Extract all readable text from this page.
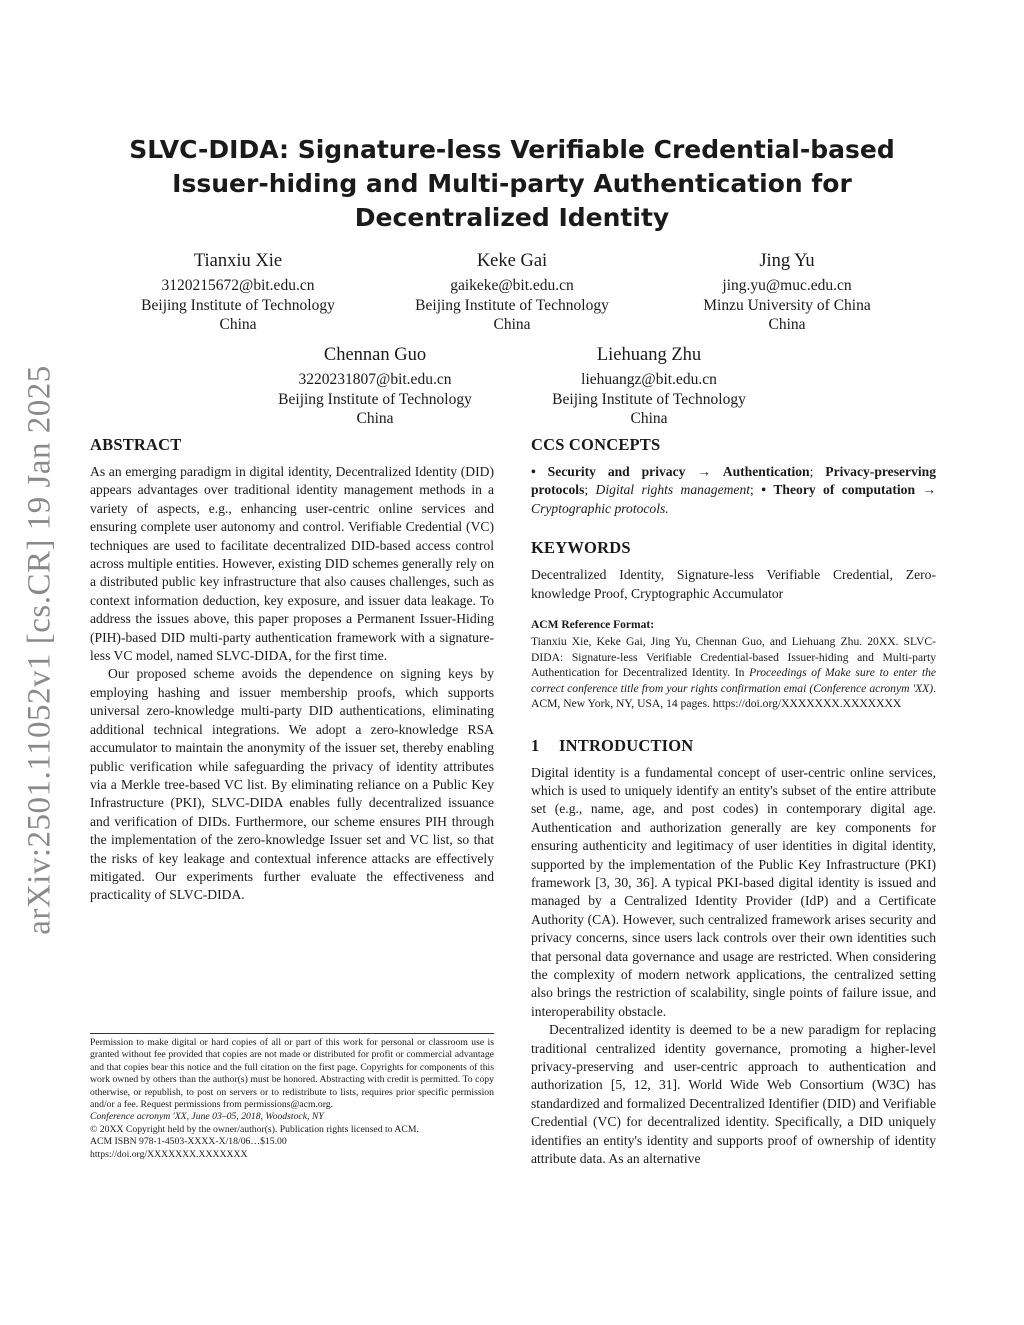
arXiv:2501.11052v1 [cs.CR] 19 Jan 2025
SLVC-DIDA: Signature-less Verifiable Credential-based Issuer-hiding and Multi-party Authentication for Decentralized Identity
Tianxiu Xie
3120215672@bit.edu.cn
Beijing Institute of Technology
China
Keke Gai
gaikeke@bit.edu.cn
Beijing Institute of Technology
China
Jing Yu
jing.yu@muc.edu.cn
Minzu University of China
China
Chennan Guo
3220231807@bit.edu.cn
Beijing Institute of Technology
China
Liehuang Zhu
liehuangz@bit.edu.cn
Beijing Institute of Technology
China
ABSTRACT

As an emerging paradigm in digital identity, Decentralized Identity (DID) appears advantages over traditional identity management methods in a variety of aspects, e.g., enhancing user-centric online services and ensuring complete user autonomy and control. Verifiable Credential (VC) techniques are used to facilitate decentralized DID-based access control across multiple entities. However, existing DID schemes generally rely on a distributed public key infrastructure that also causes challenges, such as context information deduction, key exposure, and issuer data leakage. To address the issues above, this paper proposes a Permanent Issuer-Hiding (PIH)-based DID multi-party authentication framework with a signature-less VC model, named SLVC-DIDA, for the first time.

Our proposed scheme avoids the dependence on signing keys by employing hashing and issuer membership proofs, which supports universal zero-knowledge multi-party DID authentications, eliminating additional technical integrations. We adopt a zero-knowledge RSA accumulator to maintain the anonymity of the issuer set, thereby enabling public verification while safeguarding the privacy of identity attributes via a Merkle tree-based VC list. By eliminating reliance on a Public Key Infrastructure (PKI), SLVC-DIDA enables fully decentralized issuance and verification of DIDs. Furthermore, our scheme ensures PIH through the implementation of the zero-knowledge Issuer set and VC list, so that the risks of key leakage and contextual inference attacks are effectively mitigated. Our experiments further evaluate the effectiveness and practicality of SLVC-DIDA.

Permission to make digital or hard copies of all or part of this work for personal or classroom use is granted without fee provided that copies are not made or distributed for profit or commercial advantage and that copies bear this notice and the full citation on the first page. Copyrights for components of this work owned by others than the author(s) must be honored. Abstracting with credit is permitted. To copy otherwise, or republish, to post on servers or to redistribute to lists, requires prior specific permission and/or a fee. Request permissions from permissions@acm.org.

Conference acronym 'XX, June 03–05, 2018, Woodstock, NY

© 20XX Copyright held by the owner/author(s). Publication rights licensed to ACM.

ACM ISBN 978-1-4503-XXXX-X/18/06…$15.00

https://doi.org/XXXXXXX.XXXXXXX

CCS CONCEPTS

• Security and privacy → Authentication; Privacy-preserving protocols; Digital rights management; • Theory of computation → Cryptographic protocols.

KEYWORDS

Decentralized Identity, Signature-less Verifiable Credential, Zero-knowledge Proof, Cryptographic Accumulator

ACM Reference Format:

Tianxiu Xie, Keke Gai, Jing Yu, Chennan Guo, and Liehuang Zhu. 20XX. SLVC-DIDA: Signature-less Verifiable Credential-based Issuer-hiding and Multi-party Authentication for Decentralized Identity. In Proceedings of Make sure to enter the correct conference title from your rights confirmation emai (Conference acronym 'XX). ACM, New York, NY, USA, 14 pages. https://doi.org/XXXXXXX.XXXXXXX

1 INTRODUCTION

Digital identity is a fundamental concept of user-centric online services, which is used to uniquely identify an entity's subset of the entire attribute set (e.g., name, age, and post codes) in contemporary digital age. Authentication and authorization generally are key components for ensuring authenticity and legitimacy of user identities in digital identity, supported by the implementation of the Public Key Infrastructure (PKI) framework [3, 30, 36]. A typical PKI-based digital identity is issued and managed by a Centralized Identity Provider (IdP) and a Certificate Authority (CA). However, such centralized framework arises security and privacy concerns, since users lack controls over their own identities such that personal data governance and usage are restricted. When considering the complexity of modern network applications, the centralized setting also brings the restriction of scalability, single points of failure issue, and interoperability obstacle.

Decentralized identity is deemed to be a new paradigm for replacing traditional centralized identity governance, promoting a higher-level privacy-preserving and user-centric approach to authentication and authorization [5, 12, 31]. World Wide Web Consortium (W3C) has standardized and formalized Decentralized Identifier (DID) and Verifiable Credential (VC) for decentralized identity. Specifically, a DID uniquely identifies an entity's identity and supports proof of ownership of identity attribute data. As an alternative
